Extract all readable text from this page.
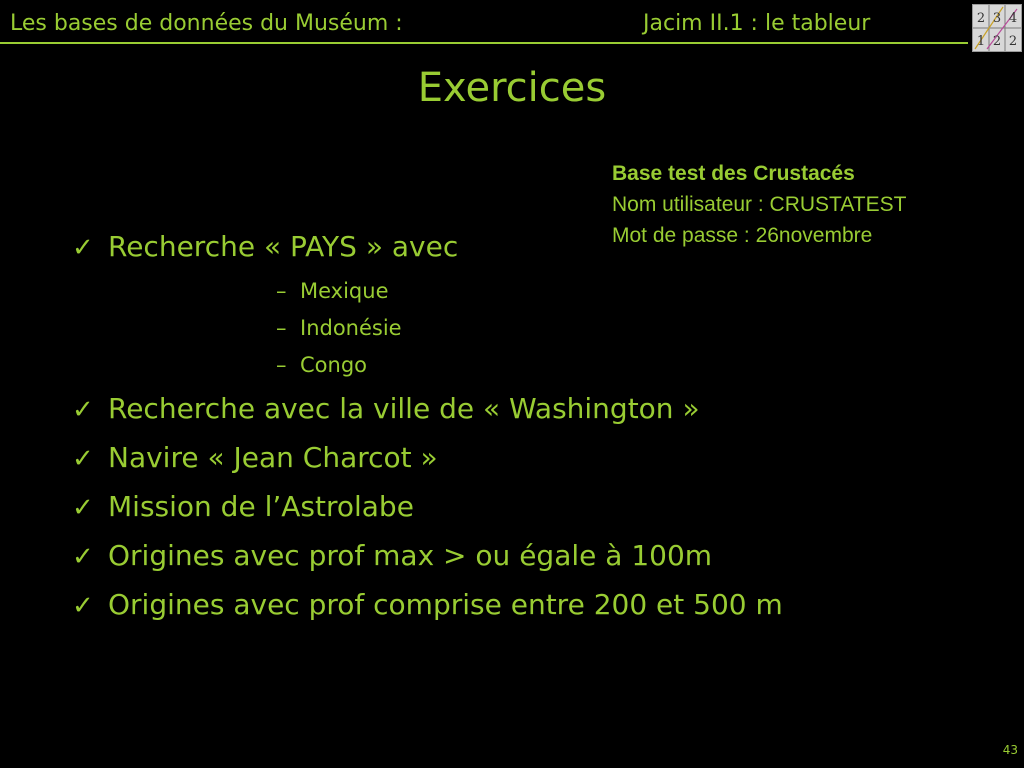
Les bases de données du Muséum :	Jacim II.1 : le tableur	2 3 4
1 2 2
Exercices
Base test des Crustacés
Nom utilisateur : CRUSTATEST
Mot de passe : 26novembre
✓ Recherche « PAYS » avec
– Mexique
– Indonésie
– Congo
✓ Recherche avec la ville de « Washington »
✓ Navire « Jean Charcot »
✓ Mission de l’Astrolabe
✓ Origines avec prof max > ou égale à 100m
✓ Origines avec prof comprise entre 200 et 500 m
43
